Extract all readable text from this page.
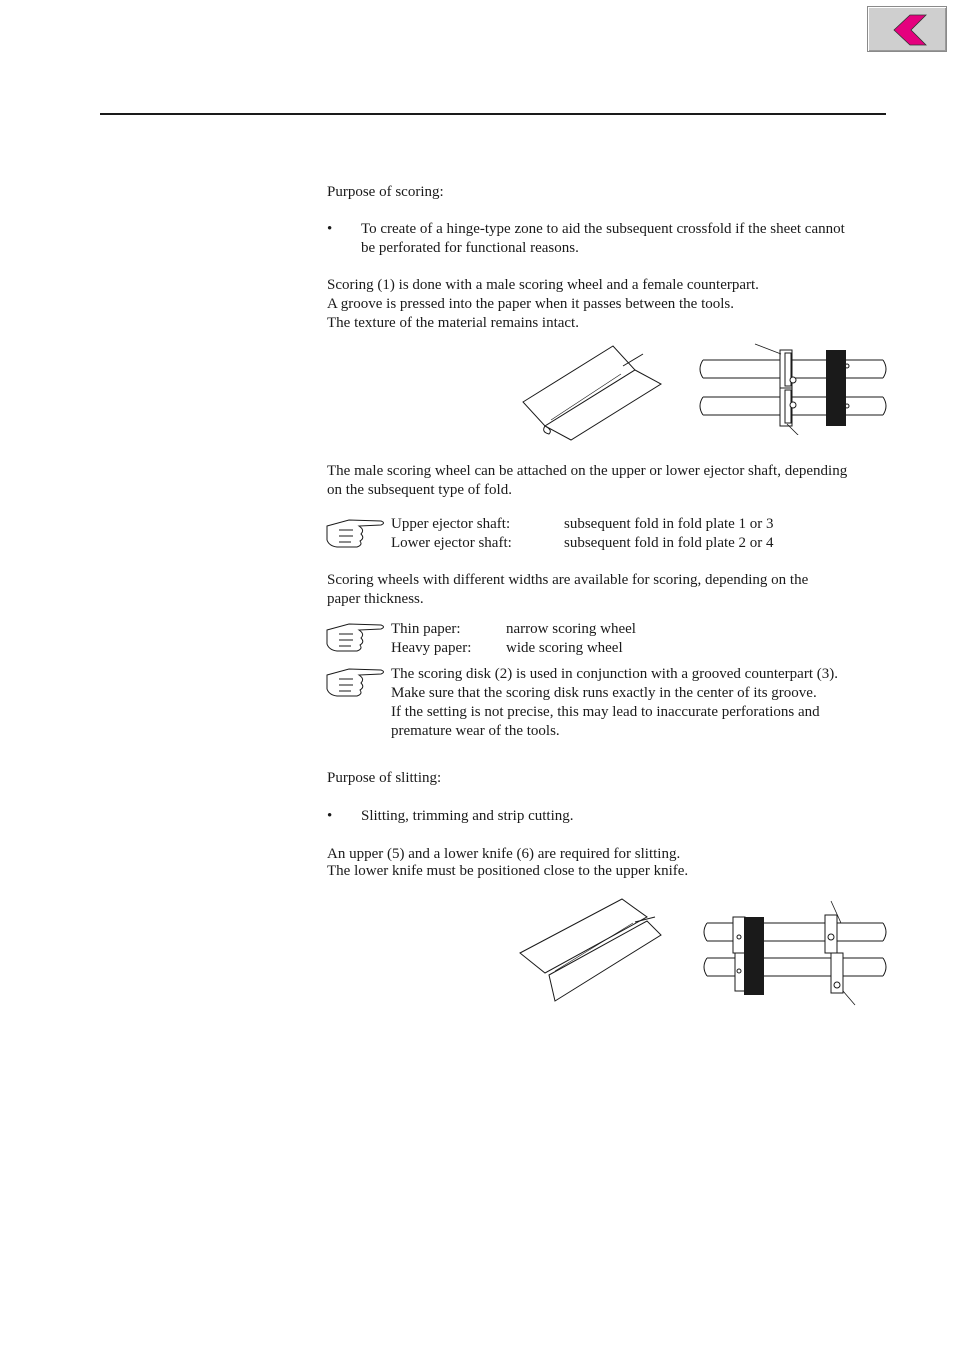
Purpose of scoring:
• To create of a hinge-type zone to aid the subsequent crossfold if the sheet cannot
be perforated for functional reasons.
Scoring (1) is done with a male scoring wheel and a female counterpart.
A groove is pressed into the paper when it passes between the tools.
The texture of the material remains intact.
The male scoring wheel can be attached on the upper or lower ejector shaft, depending
on the subsequent type of fold.
Upper ejector shaft:	subsequent fold in fold plate 1 or 3
Lower ejector shaft:	subsequent fold in fold plate 2 or 4
Scoring wheels with different widths are available for scoring, depending on the
paper thickness.
Thin paper:	narrow scoring wheel
Heavy paper:	wide scoring wheel
The scoring disk (2) is used in conjunction with a grooved counterpart (3).
Make sure that the scoring disk runs exactly in the center of its groove.
If the setting is not precise, this may lead to inaccurate perforations and
premature wear of the tools.
Purpose of slitting:
• Slitting, trimming and strip cutting.
An upper (5) and a lower knife (6) are required for slitting.
The lower knife must be positioned close to the upper knife.
